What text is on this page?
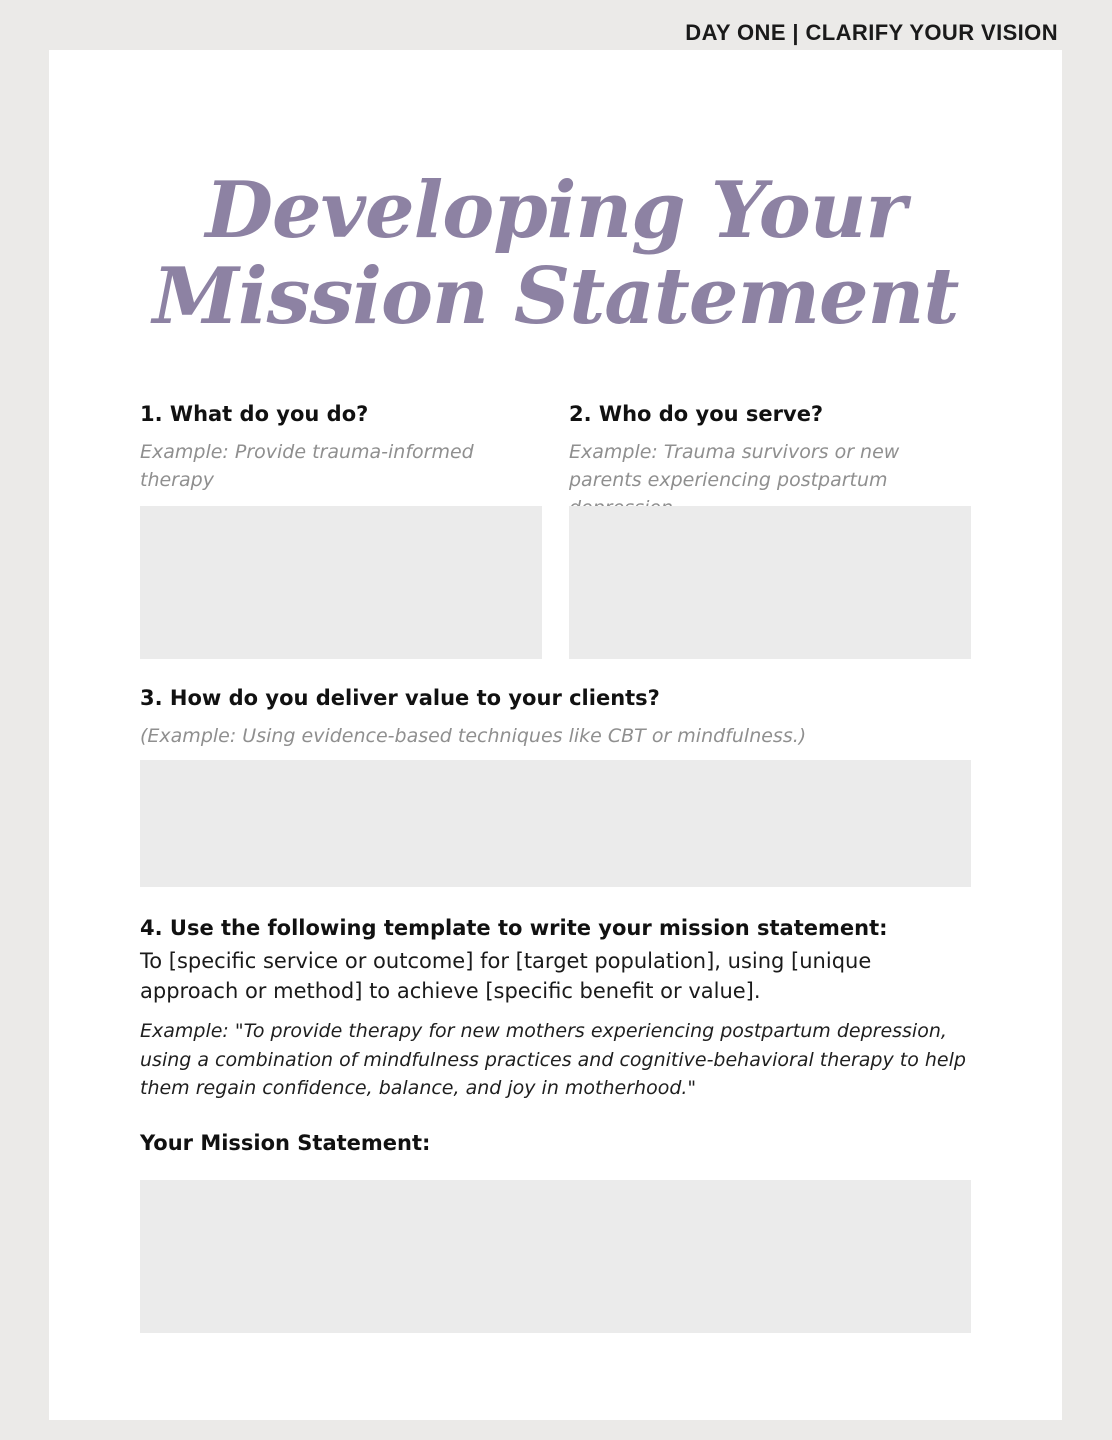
DAY ONE | CLARIFY YOUR VISION
Developing Your
Mission Statement
1. What do you do?
Example: Provide trauma-informed therapy
2. Who do you serve?
Example: Trauma survivors or new parents experiencing postpartum
3. How do you deliver value to your clients?
(Example: Using evidence-based techniques like CBT or mindfulness.)
4. Use the following template to write your mission statement:
To [specific service or outcome] for [target population], using [unique approach or method] to achieve [specific benefit or value].
Example: "To provide therapy for new mothers experiencing postpartum depression, using a combination of mindfulness practices and cognitive-behavioral therapy to help them regain confidence, balance, and joy in motherhood."
Your Mission Statement:
